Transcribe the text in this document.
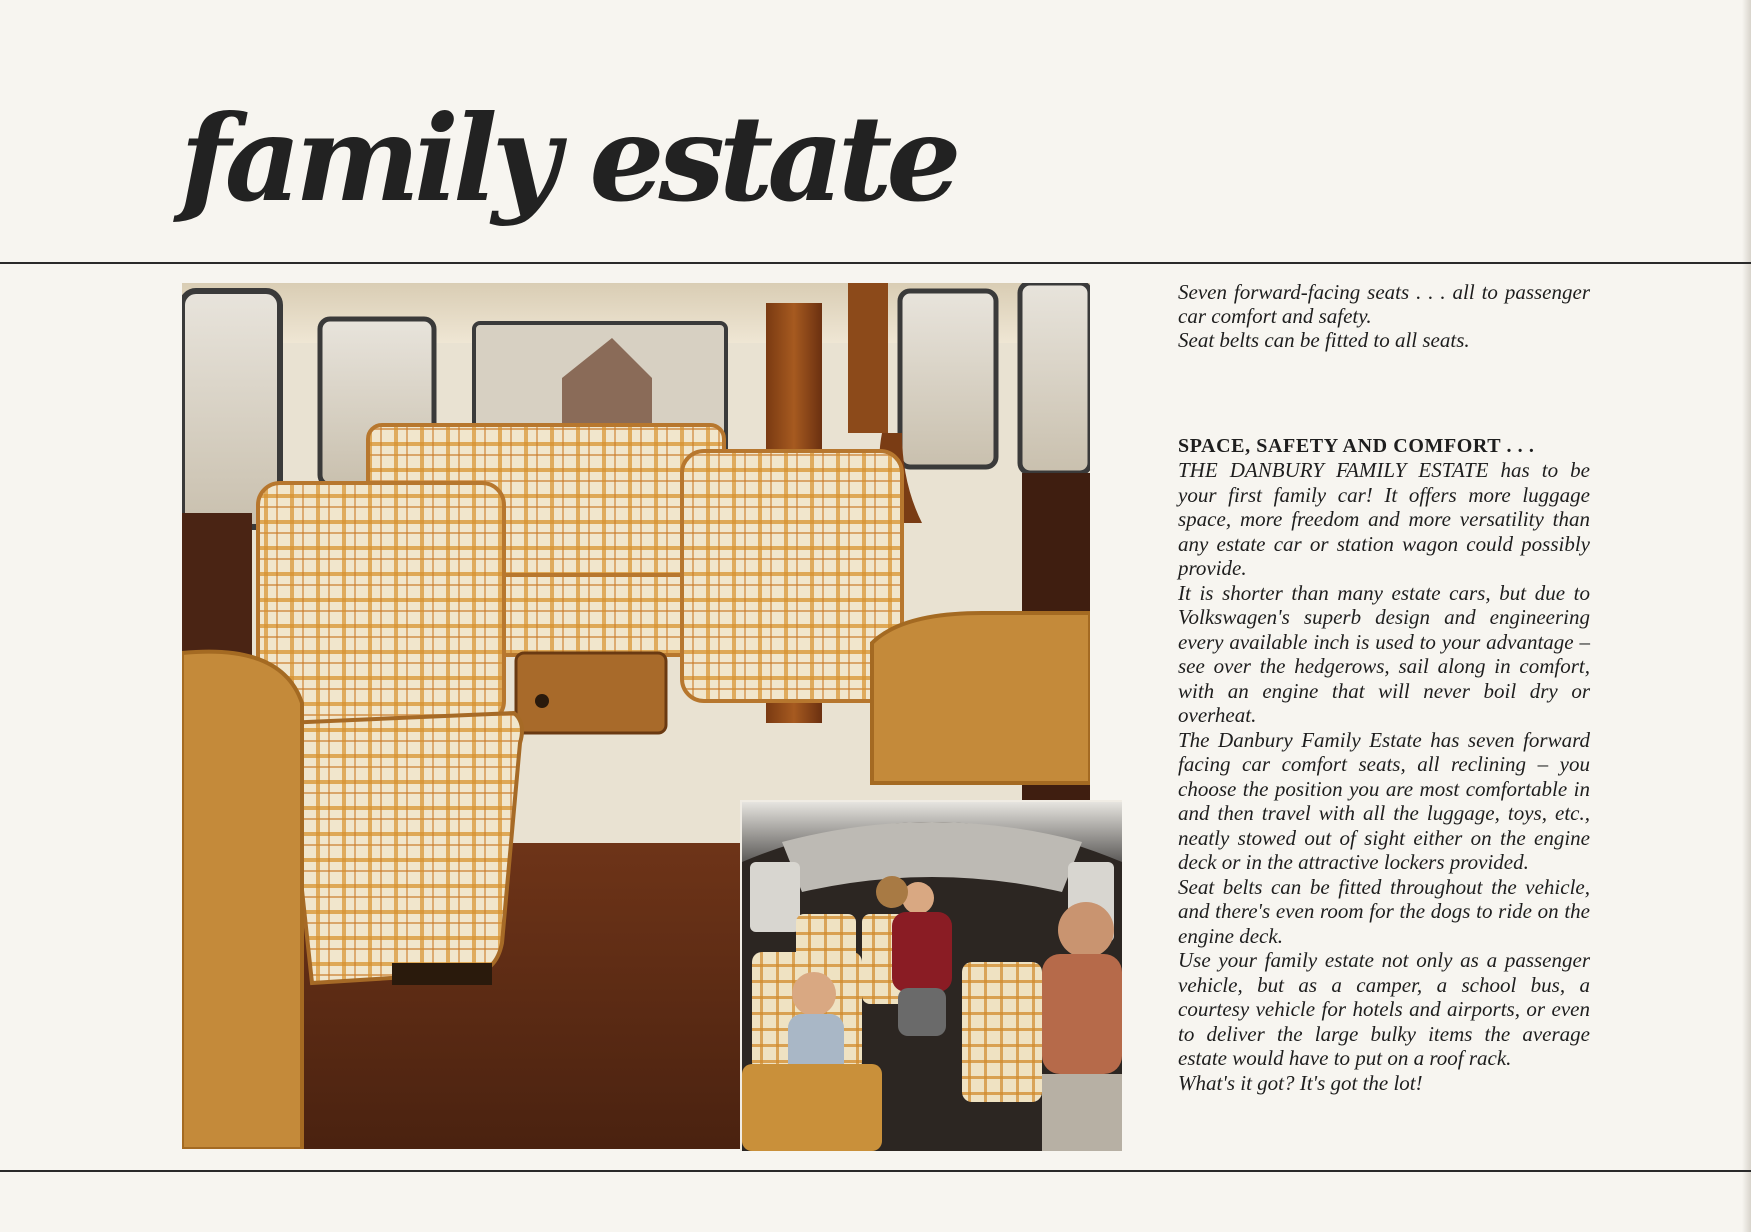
family estate

Seven forward-facing seats . . . all to passenger car comfort and safety.

Seat belts can be fitted to all seats.

SPACE, SAFETY AND COMFORT . . .

THE DANBURY FAMILY ESTATE has to be your first family car! It offers more luggage space, more freedom and more versatility than any estate car or station wagon could possibly provide.

It is shorter than many estate cars, but due to Volkswagen's superb design and engineering every available inch is used to your advantage – see over the hedgerows, sail along in comfort, with an engine that will never boil dry or overheat.

The Danbury Family Estate has seven forward facing car comfort seats, all reclining – you choose the position you are most comfortable in and then travel with all the luggage, toys, etc., neatly stowed out of sight either on the engine deck or in the attractive lockers provided.

Seat belts can be fitted throughout the vehicle, and there's even room for the dogs to ride on the engine deck.

Use your family estate not only as a passenger vehicle, but as a camper, a school bus, a courtesy vehicle for hotels and airports, or even to deliver the large bulky items the average estate would have to put on a roof rack.

What's it got? It's got the lot!
